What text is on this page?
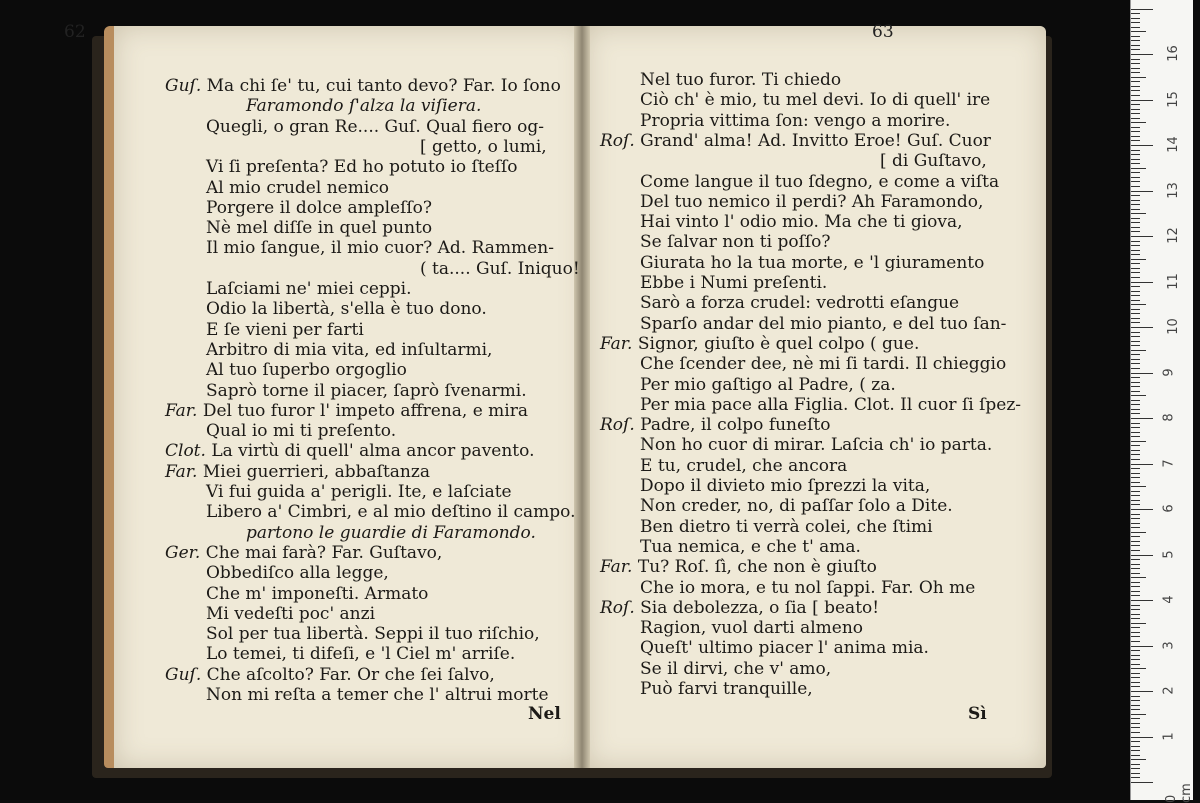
62	63
Guſ. Ma chi ſe' tu, cui tanto devo? Far. Io ſono
Faramondo ſ'alza la viſiera.
Quegli, o gran Re.... Guſ. Qual fiero og-
[ getto, o lumi,
Vi ſi preſenta? Ed ho potuto io ſteſſo
Al mio crudel nemico
Porgere il dolce ampleſſo?
Nè mel diſſe in quel punto
Il mio ſangue, il mio cuor? Ad. Rammen-
( ta.... Guſ. Iniquo!
Laſciami ne' miei ceppi.
Odio la libertà, s'ella è tuo dono.
E ſe vieni per farti
Arbitro di mia vita, ed inſultarmi,
Al tuo ſuperbo orgoglio
Saprò torne il piacer, ſaprò ſvenarmi.
Far. Del tuo furor l' impeto affrena, e mira
Qual io mi ti preſento.
Clot. La virtù di quell' alma ancor pavento.
Far. Miei guerrieri, abbaſtanza
Vi fui guida a' perigli. Ite, e laſciate
Libero a' Cimbri, e al mio deſtino il campo.
partono le guardie di Faramondo.
Ger. Che mai farà? Far. Guſtavo,
Obbediſco alla legge,
Che m' imponeſti. Armato
Mi vedeſti poc' anzi
Sol per tua libertà. Seppi il tuo riſchio,
Lo temei, ti difeſi, e 'l Ciel m' arriſe.
Guſ. Che aſcolto? Far. Or che ſei ſalvo,
Non mi reſta a temer che l' altrui morte
Nel tuo furor. Ti chiedo
Ciò ch' è mio, tu mel devi. Io di quell' ire
Propria vittima ſon: vengo a morire.
Roſ. Grand' alma! Ad. Invitto Eroe! Guſ. Cuor
[ di Guſtavo,
Come langue il tuo ſdegno, e come a viſta
Del tuo nemico il perdi? Ah Faramondo,
Hai vinto l' odio mio. Ma che ti giova,
Se ſalvar non ti poſſo?
Giurata ho la tua morte, e 'l giuramento
Ebbe i Numi preſenti.
Sarò a forza crudel: vedrotti eſangue
Sparſo andar del mio pianto, e del tuo ſan-
Far. Signor, giuſto è quel colpo ( gue.
Che ſcender dee, nè mi ſi tardi. Il chieggio
Per mio gaſtigo al Padre, ( za.
Per mia pace alla Figlia. Clot. Il cuor ſi ſpez-
Roſ. Padre, il colpo funeſto
Non ho cuor di mirar. Laſcia ch' io parta.
E tu, crudel, che ancora
Dopo il divieto mio ſprezzi la vita,
Non creder, no, di paſſar ſolo a Dite.
Ben dietro ti verrà colei, che ſtimi
Tua nemica, e che t' ama.
Far. Tu? Roſ. ſì, che non è giuſto
Che io mora, e tu nol ſappi. Far. Oh me
Roſ. Sia debolezza, o ſia [ beato!
Ragion, vuol darti almeno
Queſt' ultimo piacer l' anima mia.
Se il dirvi, che v' amo,
Può farvi tranquille,
Nel	Sì
0 cm
1
2
3
4
5
6
7
8
9
10
11
12
13
14
15
16
